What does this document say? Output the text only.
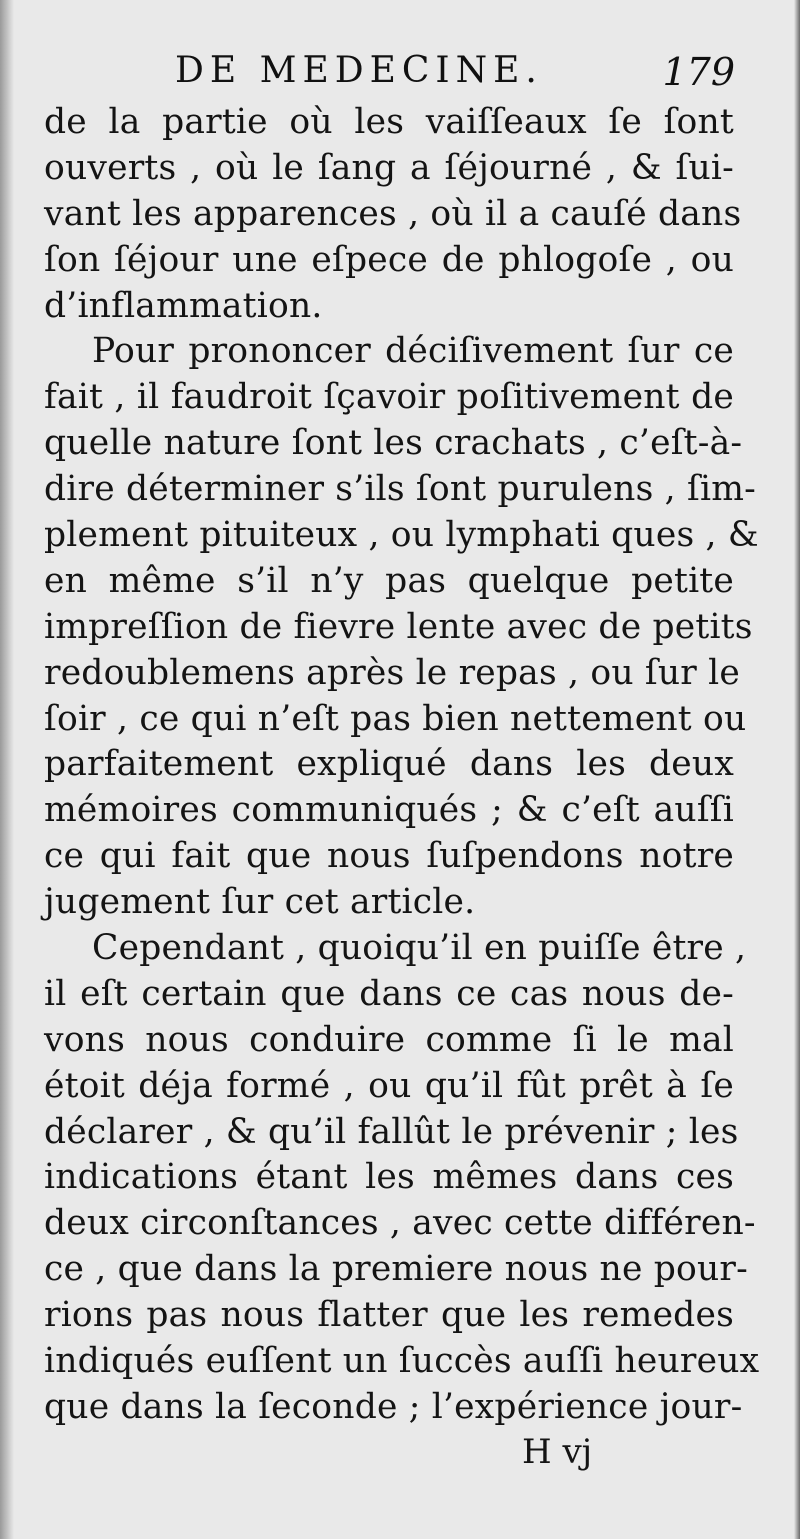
DE MEDECINE.	179
de la partie où les vaiſſeaux ſe ſont
ouverts , où le ſang a ſéjourné , & ſui-
vant les apparences , où il a cauſé dans
ſon ſéjour une eſpece de phlogoſe , ou
d’inflammation.
Pour prononcer déciſivement ſur ce
fait , il faudroit ſçavoir poſitivement de
quelle nature ſont les crachats , c’eſt-à-
dire déterminer s’ils ſont purulens , ſim-
plement pituiteux , ou lymphati ques , &
en même s’il n’y pas quelque petite
impreſſion de fievre lente avec de petits
redoublemens après le repas , ou ſur le
ſoir , ce qui n’eſt pas bien nettement ou
parfaitement expliqué dans les deux
mémoires communiqués ; & c’eſt auſſi
ce qui fait que nous ſuſpendons notre
jugement ſur cet article.
Cependant , quoiqu’il en puiſſe être ,
il eſt certain que dans ce cas nous de-
vons nous conduire comme ſi le mal
étoit déja formé , ou qu’il fût prêt à ſe
déclarer , & qu’il fallût le prévenir ; les
indications étant les mêmes dans ces
deux circonſtances , avec cette différen-
ce , que dans la premiere nous ne pour-
rions pas nous flatter que les remedes
indiqués euſſent un ſuccès auſſi heureux
que dans la ſeconde ; l’expérience jour-
H vj
